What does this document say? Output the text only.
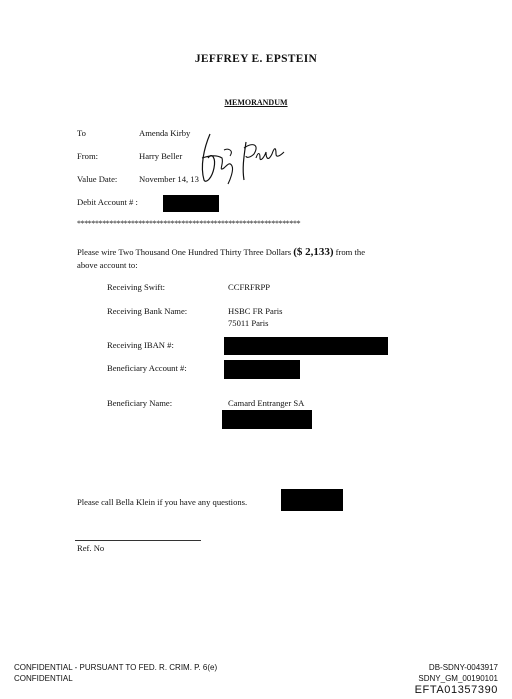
JEFFREY E. EPSTEIN
MEMORANDUM
To	Amenda Kirby
From:	Harry Beller
Value Date:	November 14, 13
Debit Account # :
**************************************************************
Please wire Two Thousand One Hundred Thirty Three Dollars ($ 2,133) from the
above account to:
Receiving Swift:	CCFRFRPP
Receiving Bank Name:	HSBC FR Paris
75011 Paris
Receiving IBAN #:
Beneficiary Account #:
Beneficiary Name:	Camard Entranger SA
Please call Bella Klein if you have any questions.
Ref. No
CONFIDENTIAL - PURSUANT TO FED. R. CRIM. P. 6(e)
CONFIDENTIAL
DB-SDNY-0043917
SDNY_GM_00190101
EFTA01357390
